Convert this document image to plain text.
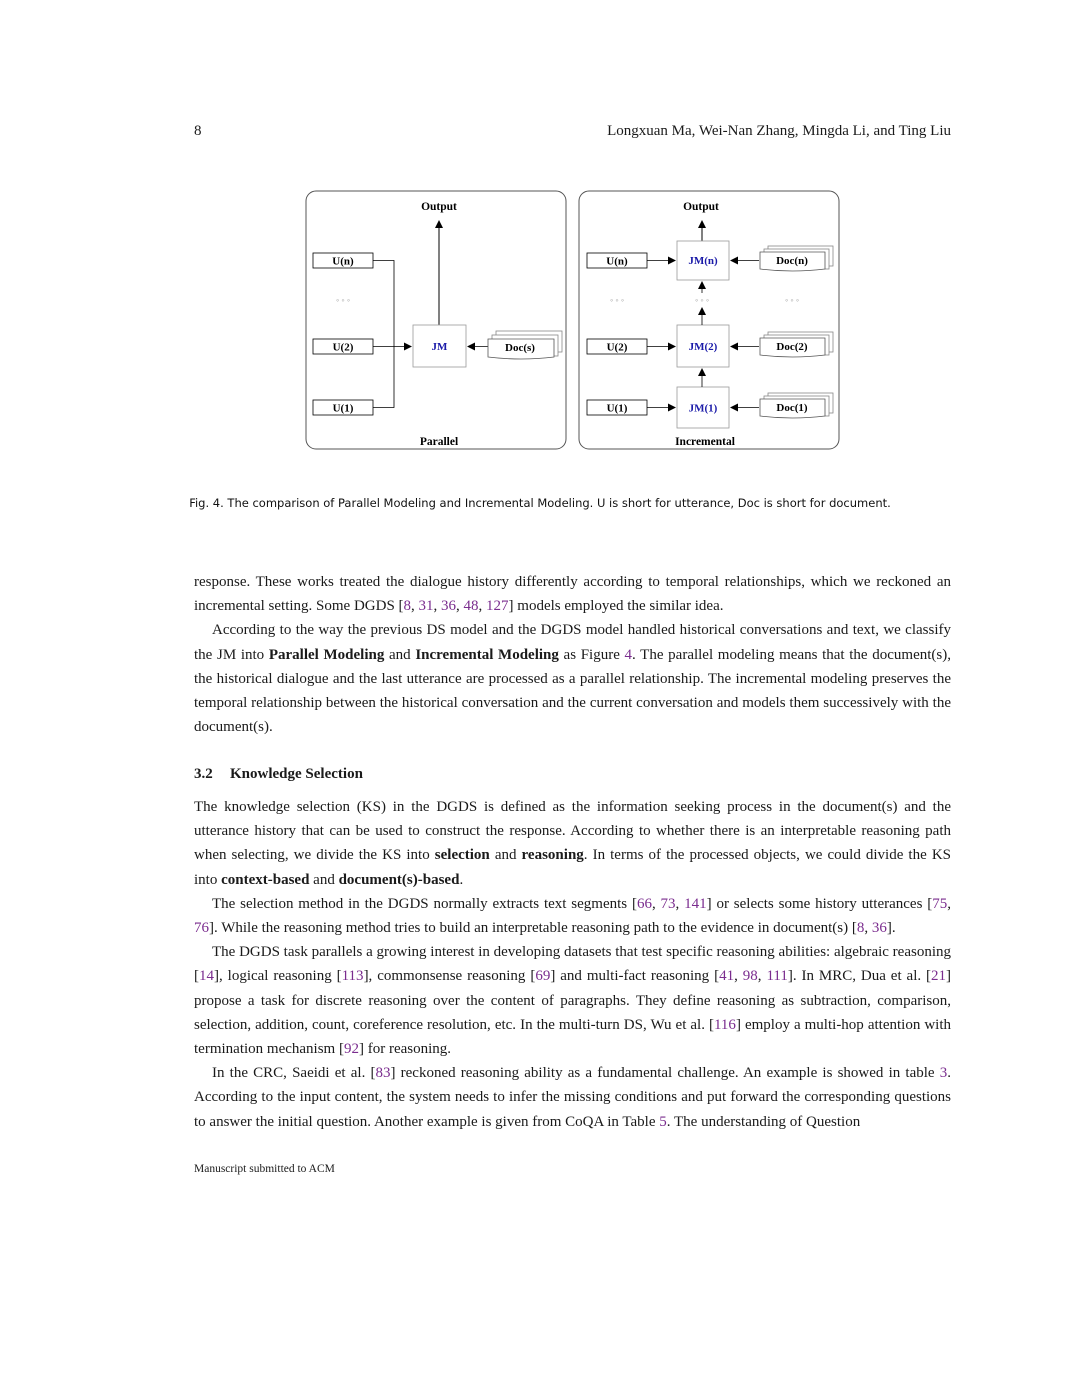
8	Longxuan Ma, Wei-Nan Zhang, Mingda Li, and Ting Liu
Output
U(n)
◦ ◦ ◦
U(2)
U(1)
JM	Doc(s)
Parallel
Output
U(n)
U(2)
U(1)
JM(n)
JM(2)
JM(1)
◦ ◦ ◦	◦ ◦ ◦	◦ ◦ ◦
Doc(n)
Doc(2)
Doc(1)
Incremental
Fig. 4. The comparison of Parallel Modeling and Incremental Modeling. U is short for utterance, Doc is short for document.

response. These works treated the dialogue history differently according to temporal relationships, which we reckoned an incremental setting. Some DGDS [8, 31, 36, 48, 127] models employed the similar idea.

According to the way the previous DS model and the DGDS model handled historical conversations and text, we classify the JM into Parallel Modeling and Incremental Modeling as Figure 4. The parallel modeling means that the document(s), the historical dialogue and the last utterance are processed as a parallel relationship. The incremental modeling preserves the temporal relationship between the historical conversation and the current conversation and models them successively with the document(s).

3.2 Knowledge Selection

The knowledge selection (KS) in the DGDS is defined as the information seeking process in the document(s) and the utterance history that can be used to construct the response. According to whether there is an interpretable reasoning path when selecting, we divide the KS into selection and reasoning. In terms of the processed objects, we could divide the KS into context-based and document(s)-based.

The selection method in the DGDS normally extracts text segments [66, 73, 141] or selects some history utterances [75, 76]. While the reasoning method tries to build an interpretable reasoning path to the evidence in document(s) [8, 36].

The DGDS task parallels a growing interest in developing datasets that test specific reasoning abilities: algebraic reasoning [14], logical reasoning [113], commonsense reasoning [69] and multi-fact reasoning [41, 98, 111]. In MRC, Dua et al. [21] propose a task for discrete reasoning over the content of paragraphs. They define reasoning as subtraction, comparison, selection, addition, count, coreference resolution, etc. In the multi-turn DS, Wu et al. [116] employ a multi-hop attention with termination mechanism [92] for reasoning.

In the CRC, Saeidi et al. [83] reckoned reasoning ability as a fundamental challenge. An example is showed in table 3. According to the input content, the system needs to infer the missing conditions and put forward the corresponding questions to answer the initial question. Another example is given from CoQA in Table 5. The understanding of Question

Manuscript submitted to ACM
